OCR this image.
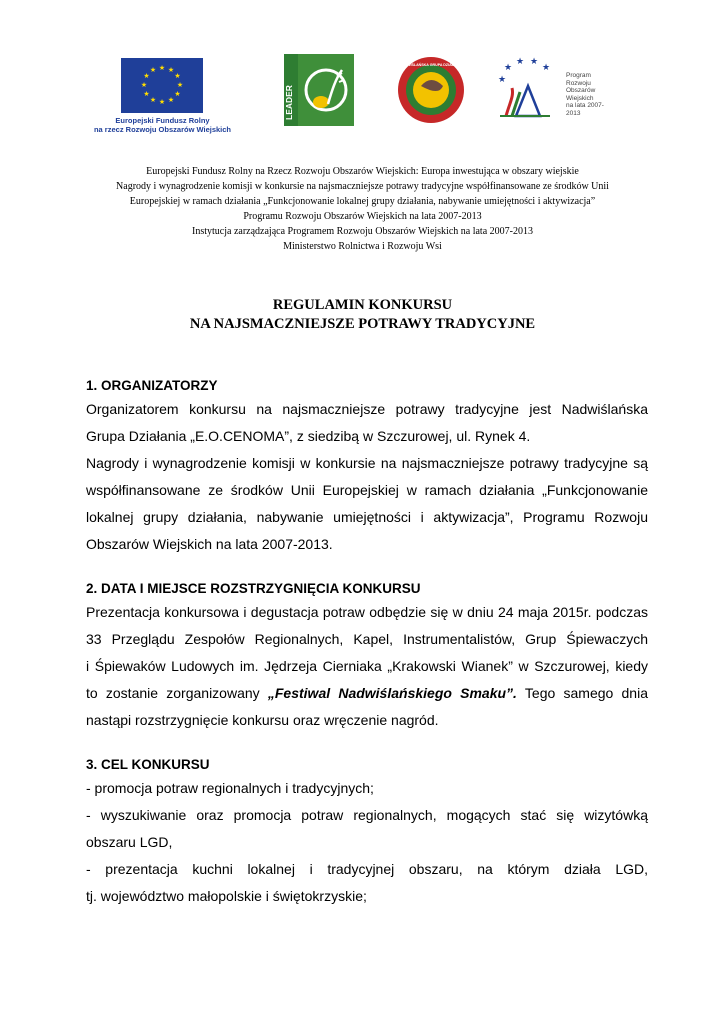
★ ★
★
★
★
★
★
★
★
★
★
★
Europejski Fundusz Rolny
na rzecz Rozwoju Obszarów Wiejskich
LEADER
NADWIŚLAŃSKA GRUPA DZIAŁANIA
★
★
★ ★
★
Program
Rozwoju
Obszarów
Wiejskich
na lata 2007-2013
Europejski Fundusz Rolny na Rzecz Rozwoju Obszarów Wiejskich: Europa inwestująca w obszary wiejskie
Nagrody i wynagrodzenie komisji w konkursie na najsmaczniejsze potrawy tradycyjne współfinansowane ze środków Unii
Europejskiej w ramach działania „Funkcjonowanie lokalnej grupy działania, nabywanie umiejętności i aktywizacja”
Programu Rozwoju Obszarów Wiejskich na lata 2007-2013
Instytucja zarządzająca Programem Rozwoju Obszarów Wiejskich na lata 2007-2013
Ministerstwo Rolnictwa i Rozwoju Wsi
REGULAMIN KONKURSU
NA NAJSMACZNIEJSZE POTRAWY TRADYCYJNE

1. ORGANIZATORZY

Organizatorem konkursu na najsmaczniejsze potrawy tradycyjne jest Nadwiślańska
Grupa Działania „E.O.CENOMA”, z siedzibą w Szczurowej, ul. Rynek 4.
Nagrody i wynagrodzenie komisji w konkursie na najsmaczniejsze potrawy tradycyjne są
współfinansowane ze środków Unii Europejskiej w ramach działania „Funkcjonowanie
lokalnej grupy działania, nabywanie umiejętności i aktywizacja”, Programu Rozwoju
Obszarów Wiejskich na lata 2007-2013.

2. DATA I MIEJSCE ROZSTRZYGNIĘCIA KONKURSU

Prezentacja konkursowa i degustacja potraw odbędzie się w dniu 24 maja 2015r. podczas
33 Przeglądu Zespołów Regionalnych, Kapel, Instrumentalistów, Grup Śpiewaczych
i Śpiewaków Ludowych im. Jędrzeja Cierniaka „Krakowski Wianek” w Szczurowej, kiedy
to zostanie zorganizowany „Festiwal Nadwiślańskiego Smaku”. Tego samego dnia
nastąpi rozstrzygnięcie konkursu oraz wręczenie nagród.

3. CEL KONKURSU

- promocja potraw regionalnych i tradycyjnych;
- wyszukiwanie oraz promocja potraw regionalnych, mogących stać się wizytówką
obszaru LGD,
- prezentacja kuchni lokalnej i tradycyjnej obszaru, na którym działa LGD,
tj. województwo małopolskie i świętokrzyskie;
